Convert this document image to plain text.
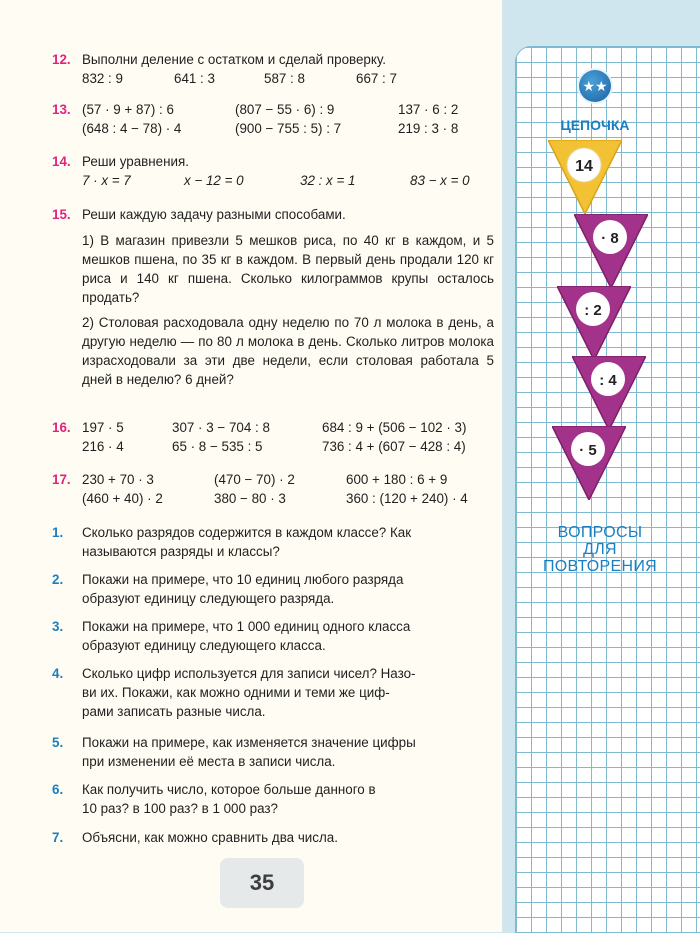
12. Выполни деление с остатком и сделай проверку.
832 : 9	641 : 3	587 : 8	667 : 7
13. (57 · 9 + 87) : 6	(807 − 55 · 6) : 9	137 · 6 : 2
(648 : 4 − 78) · 4	(900 − 755 : 5) : 7	219 : 3 · 8
14. Реши уравнения.
7 · x = 7	x − 12 = 0	32 : x = 1	83 − x = 0
15. Реши каждую задачу разными способами.
1) В магазин привезли 5 мешков риса, по 40 кг в каждом, и 5 мешков пшена, по 35 кг в каждом. В первый день продали 120 кг риса и 140 кг пшена. Сколько килограммов крупы осталось продать?
2) Столовая расходовала одну неделю по 70 л молока в день, а другую неделю — по 80 л молока в день. Сколько литров молока израсходовали за эти две недели, если столовая работала 5 дней в неделю? 6 дней?
16. 197 · 5	307 · 3 − 704 : 8	684 : 9 + (506 − 102 · 3)
216 · 4	65 · 8 − 535 : 5	736 : 4 + (607 − 428 : 4)
17. 230 + 70 · 3	(470 − 70) · 2	600 + 180 : 6 + 9
(460 + 40) · 2	380 − 80 · 3	360 : (120 + 240) · 4
1.	Сколько разрядов содержится в каждом классе? Как
называются разряды и классы?
2.	Покажи на примере, что 10 единиц любого разряда
образуют единицу следующего разряда.
3.	Покажи на примере, что 1 000 единиц одного класса
образуют единицу следующего класса.
4.	Сколько цифр используется для записи чисел? Назо-
ви их. Покажи, как можно одними и теми же циф-
рами записать разные числа.
5.	Покажи на примере, как изменяется значение цифры
при изменении её места в записи числа.
6.	Как получить число, которое больше данного в
10 раз? в 100 раз? в 1 000 раз?
7.	Объясни, как можно сравнить два числа.
35
★★
ЦЕПОЧКА
14
· 8
: 2
: 4
· 5
ВОПРОСЫ
ДЛЯ
ПОВТОРЕНИЯ
